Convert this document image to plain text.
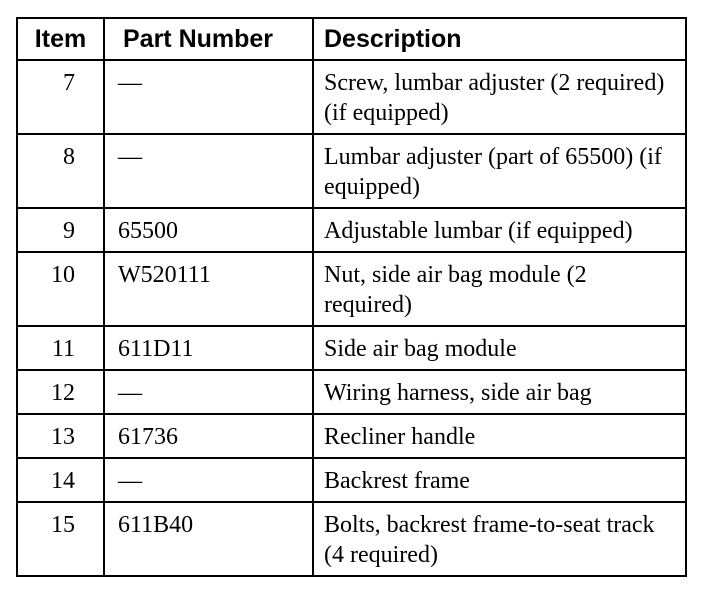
Item	Part Number	Description
7	—	Screw, lumbar adjuster (2 required) (if equipped)
8	—	Lumbar adjuster (part of 65500) (if equipped)
9	65500	Adjustable lumbar (if equipped)
10	W520111	Nut, side air bag module (2 required)
11	611D11	Side air bag module
12	—	Wiring harness, side air bag
13	61736	Recliner handle
14	—	Backrest frame
15	611B40	Bolts, backrest frame-to-seat track (4 required)
